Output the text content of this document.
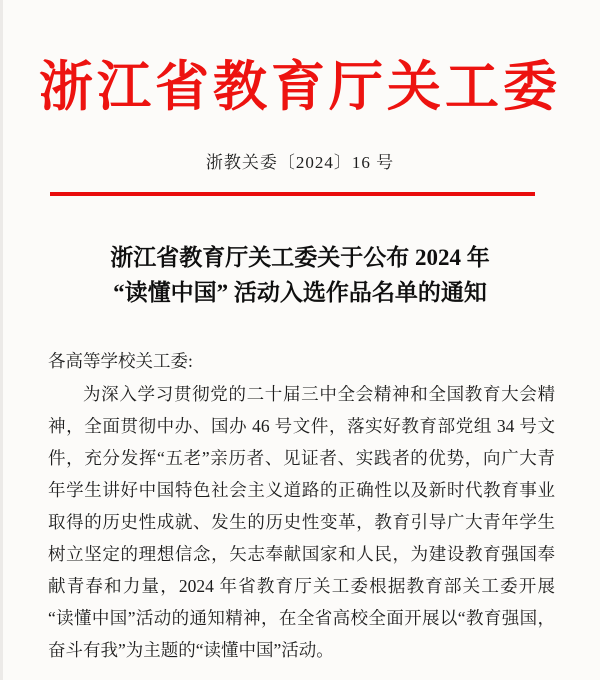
浙江省教育厅关工委
浙教关委〔2024〕16 号
浙江省教育厅关工委关于公布 2024 年
“读懂中国” 活动入选作品名单的通知
各高等学校关工委:
为深入学习贯彻党的二十届三中全会精神和全国教育大会精
神，全面贯彻中办、国办 46 号文件，落实好教育部党组 34 号文
件，充分发挥“五老”亲历者、见证者、实践者的优势，向广大青
年学生讲好中国特色社会主义道路的正确性以及新时代教育事业
取得的历史性成就、发生的历史性变革，教育引导广大青年学生
树立坚定的理想信念，矢志奉献国家和人民，为建设教育强国奉
献青春和力量，2024 年省教育厅关工委根据教育部关工委开展
“读懂中国”活动的通知精神，在全省高校全面开展以“教育强国，
奋斗有我”为主题的“读懂中国”活动。
